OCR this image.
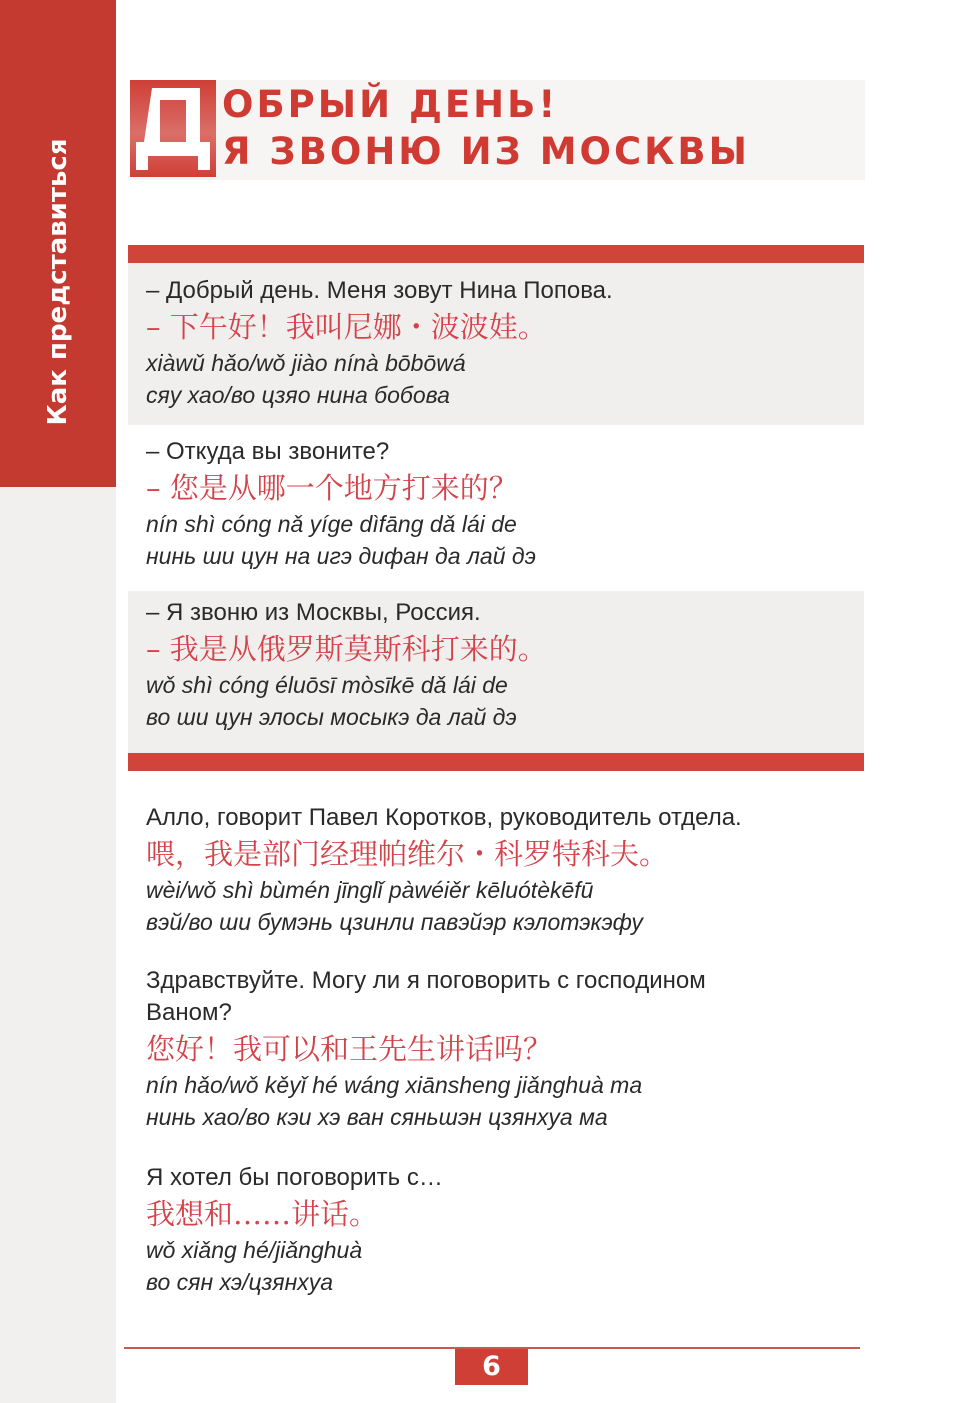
Как представиться
ОБРЫЙ ДЕНЬ!
Я ЗВОНЮ ИЗ МОСКВЫ
– Добрый день. Меня зовут Нина Попова.
– 下午好！我叫尼娜・波波娃。
xiàwǔ hǎo/wǒ jiào nínà bōbōwá
сяу хао/во цзяо нина бобова
– Откуда вы звоните?
– 您是从哪一个地方打来的？
nín shì cóng nǎ yíge dìfāng dǎ lái de
нинь ши цун на игэ дифан да лай дэ
– Я звоню из Москвы, Россия.
– 我是从俄罗斯莫斯科打来的。
wǒ shì cóng éluōsī mòsīkē dǎ lái de
во ши цун элосы мосыкэ да лай дэ
Алло, говорит Павел Коротков, руководитель отдела.
喂，我是部门经理帕维尔・科罗特科夫。
wèi/wǒ shì bùmén jīnglǐ pàwéiěr kēluótèkēfū
вэй/во ши бумэнь цзинли павэйэр кэлотэкэфу
Здравствуйте. Могу ли я поговорить с господином
Ваном?
您好！我可以和王先生讲话吗？
nín hǎo/wǒ kěyǐ hé wáng xiānsheng jiǎnghuà ma
нинь хао/во кэи хэ ван сяньшэн цзянхуа ма
Я хотел бы поговорить с…
我想和……讲话。
wǒ xiǎng hé/jiǎnghuà
во сян хэ/цзянхуа
6
